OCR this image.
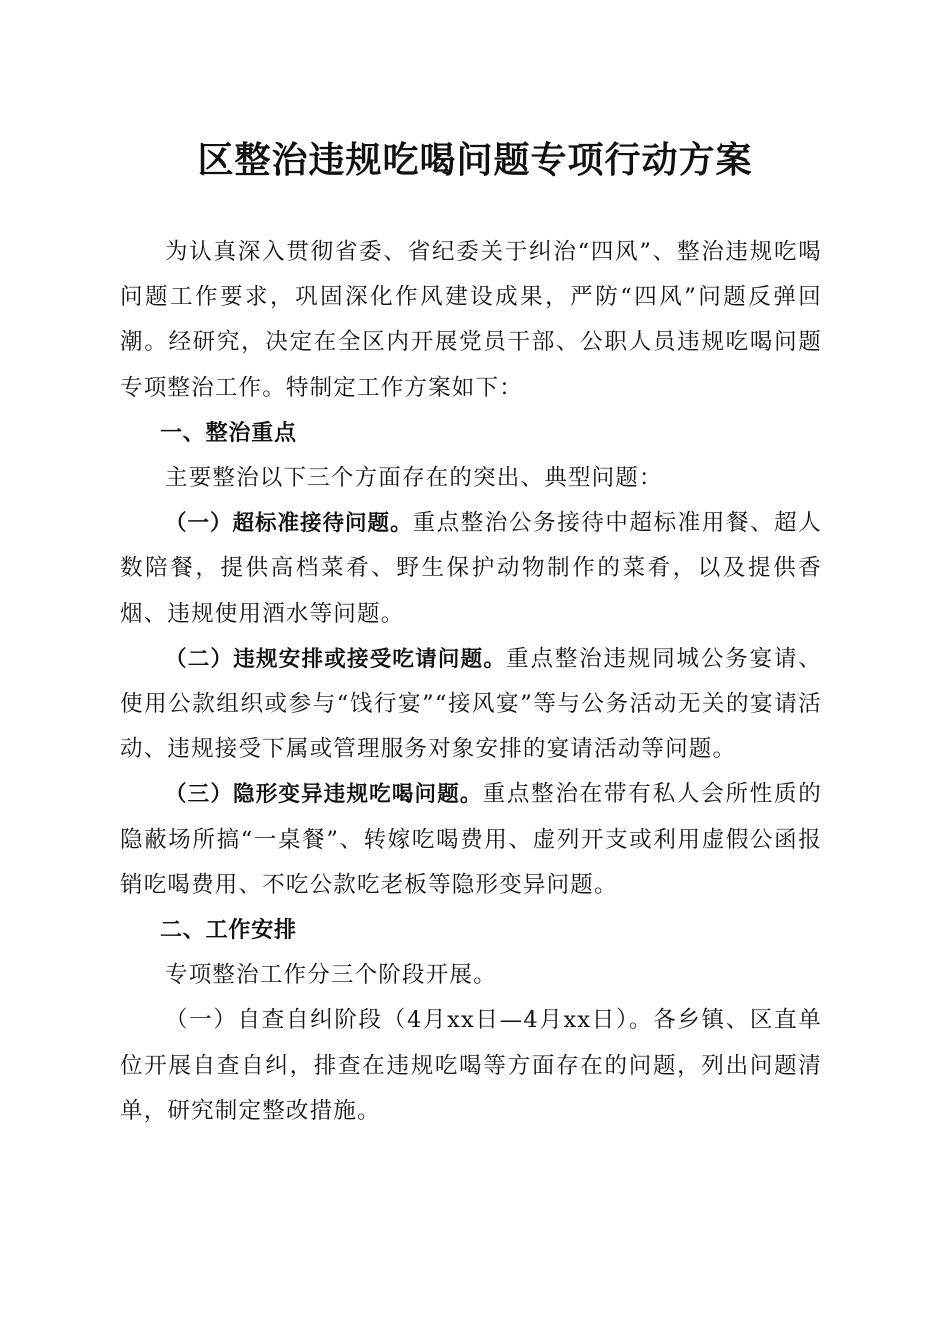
区整治违规吃喝问题专项行动方案

为认真深入贯彻省委、省纪委关于纠治“四风”、整治违规吃喝问题工作要求，巩固深化作风建设成果，严防“四风”问题反弹回潮。经研究，决定在全区内开展党员干部、公职人员违规吃喝问题专项整治工作。特制定工作方案如下：

一、整治重点

主要整治以下三个方面存在的突出、典型问题：

（一）超标准接待问题。重点整治公务接待中超标准用餐、超人数陪餐，提供高档菜肴、野生保护动物制作的菜肴，以及提供香烟、违规使用酒水等问题。

（二）违规安排或接受吃请问题。重点整治违规同城公务宴请、使用公款组织或参与“饯行宴”“接风宴”等与公务活动无关的宴请活动、违规接受下属或管理服务对象安排的宴请活动等问题。

（三）隐形变异违规吃喝问题。重点整治在带有私人会所性质的隐蔽场所搞“一桌餐”、转嫁吃喝费用、虚列开支或利用虚假公函报销吃喝费用、不吃公款吃老板等隐形变异问题。

二、工作安排

专项整治工作分三个阶段开展。

（一）自查自纠阶段（4月xx日—4月xx日）。各乡镇、区直单位开展自查自纠，排查在违规吃喝等方面存在的问题，列出问题清单，研究制定整改措施。
